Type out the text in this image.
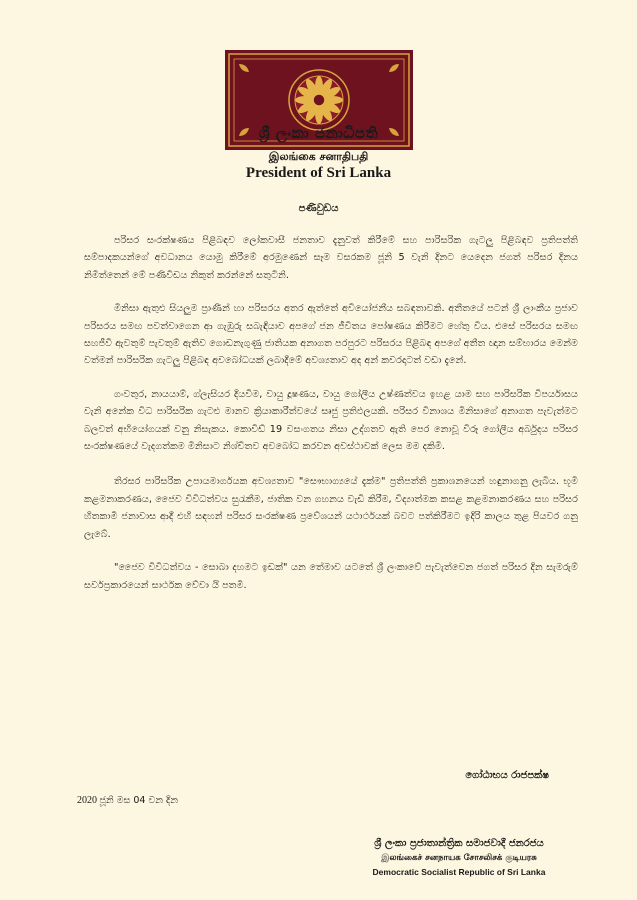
ශ්‍රී ලංකා ජනාධිපති
இலங்கை சனாதிபதி
President of Sri Lanka
පණිවුඩය

පරිසර සංරක්ෂණය පිළිබඳව ලෝකවාසී ජනතාව දැනුවත් කිරීමේ සහ පාරිසරික ගැටලු පිළිබඳව ප්‍රතිපත්ති සම්පාදකයන්ගේ අවධානය යොමු කිරීමේ අරමුණෙන් සෑම වසරකම ජූනි 5 වැනි දිනට යෙදෙන ජගත් පරිසර දිනය නිමිත්තෙන් මේ පණිවිඩය නිකුත් කරන්නේ සතුටිනි.

මිනිසා ඇතුළු සියලුම ප්‍රාණීන් හා පරිසරය අතර ඇත්තේ අවියෝජනීය සබඳතාවකි. අතීතයේ පටන් ශ්‍රී ලාංකීය ප්‍රජාව පරිසරය සමඟ පවත්වාගෙන ආ ගැඹුරු සබැඳියාව අපගේ ජන ජීවිතය පෝෂණය කිරීමට හේතු විය. එසේ පරිසරය සමඟ සහජීවී ඇවතුම් පැවතුම් ඇතිව ගොඩනැගුණු ජාතියක අනාගත පරපුරට පරිසරය පිළිබඳ අපගේ අතීත ඥාන සම්භාරය මෙන්ම වත්මන් පාරිසරික ගැටලු පිළිබඳ අවබෝධයක් ලබාදීමේ අවශ්‍යතාව අද අන් කවරදාටත් වඩා දැනේ.

ගංවතුර, නායයාම්, ග්ලැසියර දියවීම, වායු දූෂණය, වායු ගෝලීය උෂ්ණත්වය ඉහළ යාම සහ පාරිසරික විපර්යාසය වැනි අනේක විධ පාරිසරික ගැටළු මානව ක්‍රියාකාරීත්වයේ සෘජු ප්‍රතිඵලයකි. පරිසර විනාශය මිනිසාගේ අනාගත පැවැත්මට බලවත් අභියෝගයක් වනු නිසැකය. කොවිඩ් 19 වසංගතය නිසා උද්ගතව ඇති පෙර නොවූ විරූ ගෝලීය අර්බුදය පරිසර සංරක්ෂණයේ වැදගත්කම මිනිසාට නිශ්චිතව අවබෝධ කරවන අවස්ථාවක් ලෙස මම දකිමි.

තිරසර පාරිසරික උපායමාර්ගයක අවශ්‍යතාව "සෞභාග්‍යයේ දැක්ම" ප්‍රතිපත්ති ප්‍රකාශනයෙන් හඳුනාගනු ලැබිය. භූමි කළමනාකරණය, ජෛව විවිධත්වය සුරැකීම, ජාතික වන ගහනය වැඩි කිරීම, විද්‍යාත්මක කසළ කළමනාකරණය සහ පරිසර හිතකාමී ජනාවාස ආදී එහි සඳහන් පරිසර සංරක්ෂණ ප්‍රවේශයන් යථාර්ථයක් බවට පත්කිරීමට ඉදිරි කාලය තුළ පියවර ගනු ලැබේ.

"ජෛව විවිධත්වය - සොබා දහමට ඉඩක්" යන තේමාව යටතේ ශ්‍රී ලංකාවේ පැවැත්වෙන ජගත් පරිසර දින සැමරුම් සර්වප්‍රකාරයෙන් සාර්ථක වේවා යි පතමි.

ගෝඨාභය රාජපක්ෂ
2020 ජූනි මස 04 වන දින
ශ්‍රී ලංකා ප්‍රජාතාන්ත්‍රික සමාජවාදී ජනරජය
இலங்கைச் சனநாயக சோசலிசக் குடியரசு
Democratic Socialist Republic of Sri Lanka
